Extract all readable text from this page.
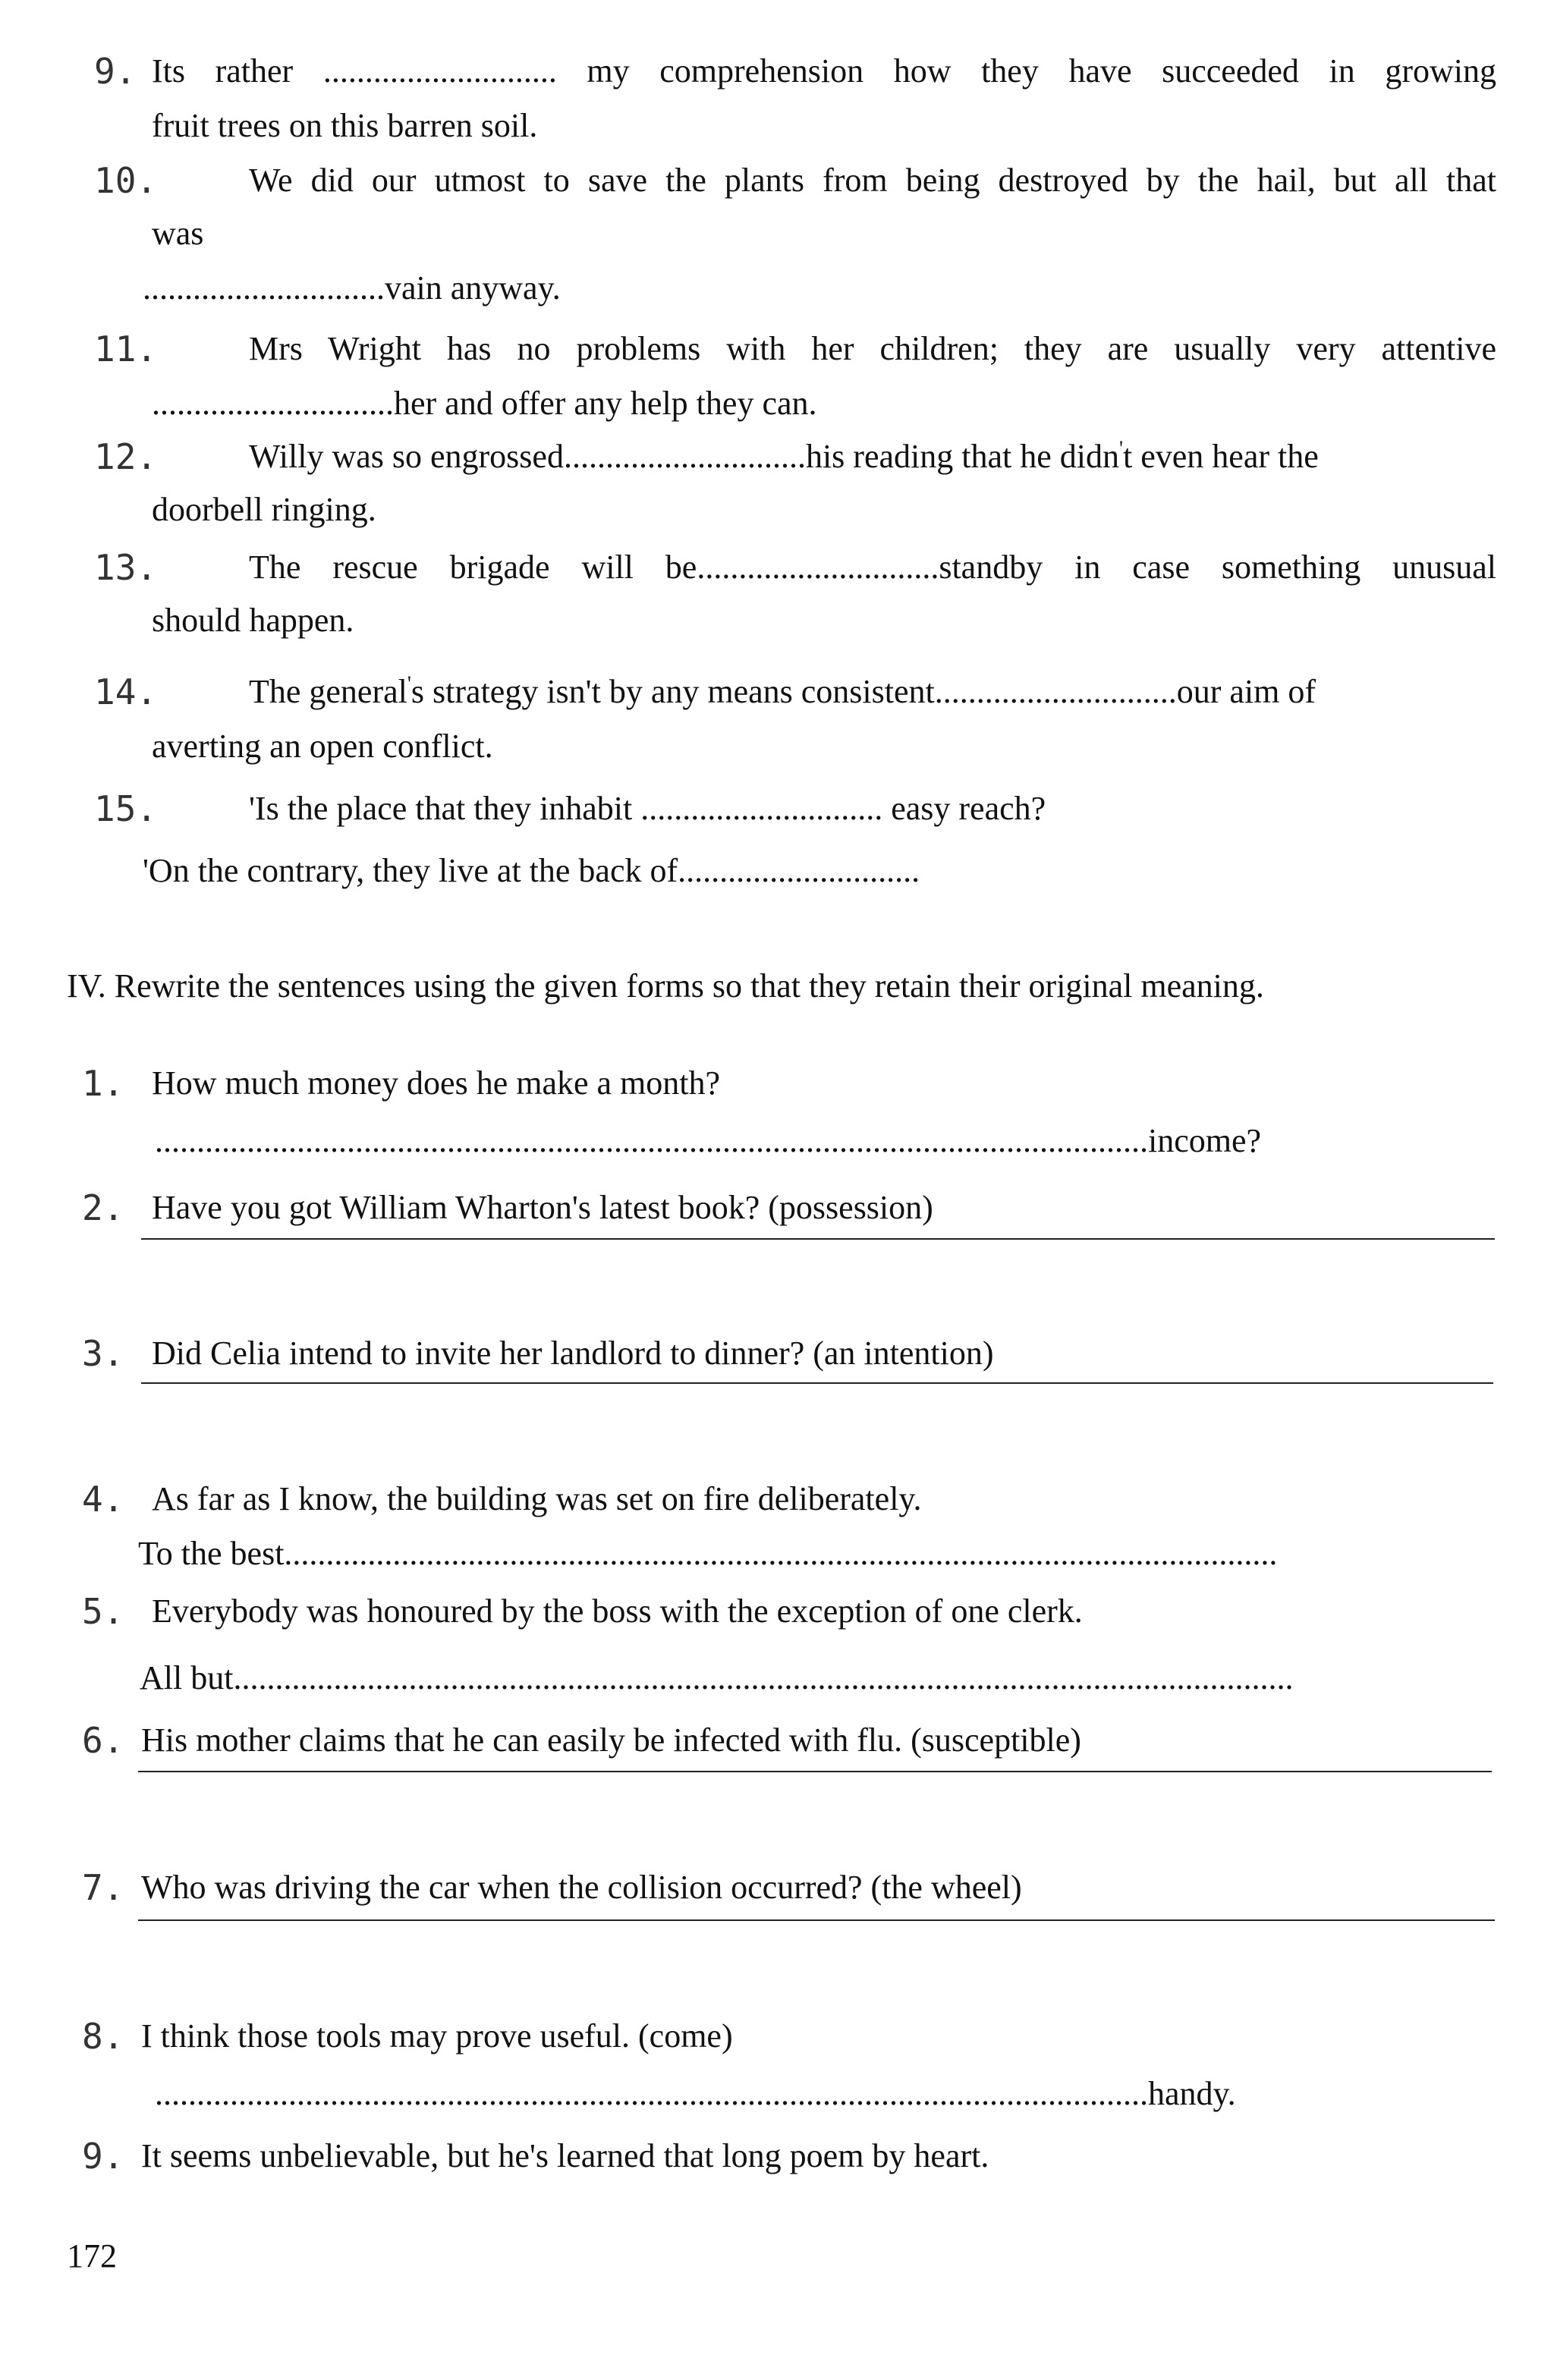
9. Its rather ............................ my comprehension how they have succeeded in growing
fruit trees on this barren soil.
10.	We did our utmost to save the plants from being destroyed by the hail, but all that
was
.............................vain anyway.
11.	Mrs Wright has no problems with her children; they are usually very attentive
.............................her and offer any help they can.
12.	Willy was so engrossed.............................his reading that he didn't even hear the
doorbell ringing.
13.	The rescue brigade will be.............................standby in case something unusual
should happen.
14.	The general's strategy isn't by any means consistent.............................our aim of
averting an open conflict.
15.	'Is the place that they inhabit ............................. easy reach?
'On the contrary, they live at the back of.............................
IV. Rewrite the sentences using the given forms so that they retain their original meaning.
1. How much money does he make a month?
.......................................................................................................................income?
2. Have you got William Wharton's latest book? (possession)
3. Did Celia intend to invite her landlord to dinner? (an intention)
4. As far as I know, the building was set on fire deliberately.
To the best.......................................................................................................................
5. Everybody was honoured by the boss with the exception of one clerk.
All but...............................................................................................................................
6. His mother claims that he can easily be infected with flu. (susceptible)
7. Who was driving the car when the collision occurred? (the wheel)
8. I think those tools may prove useful. (come)
.......................................................................................................................handy.
9. It seems unbelievable, but he's learned that long poem by heart.
172
